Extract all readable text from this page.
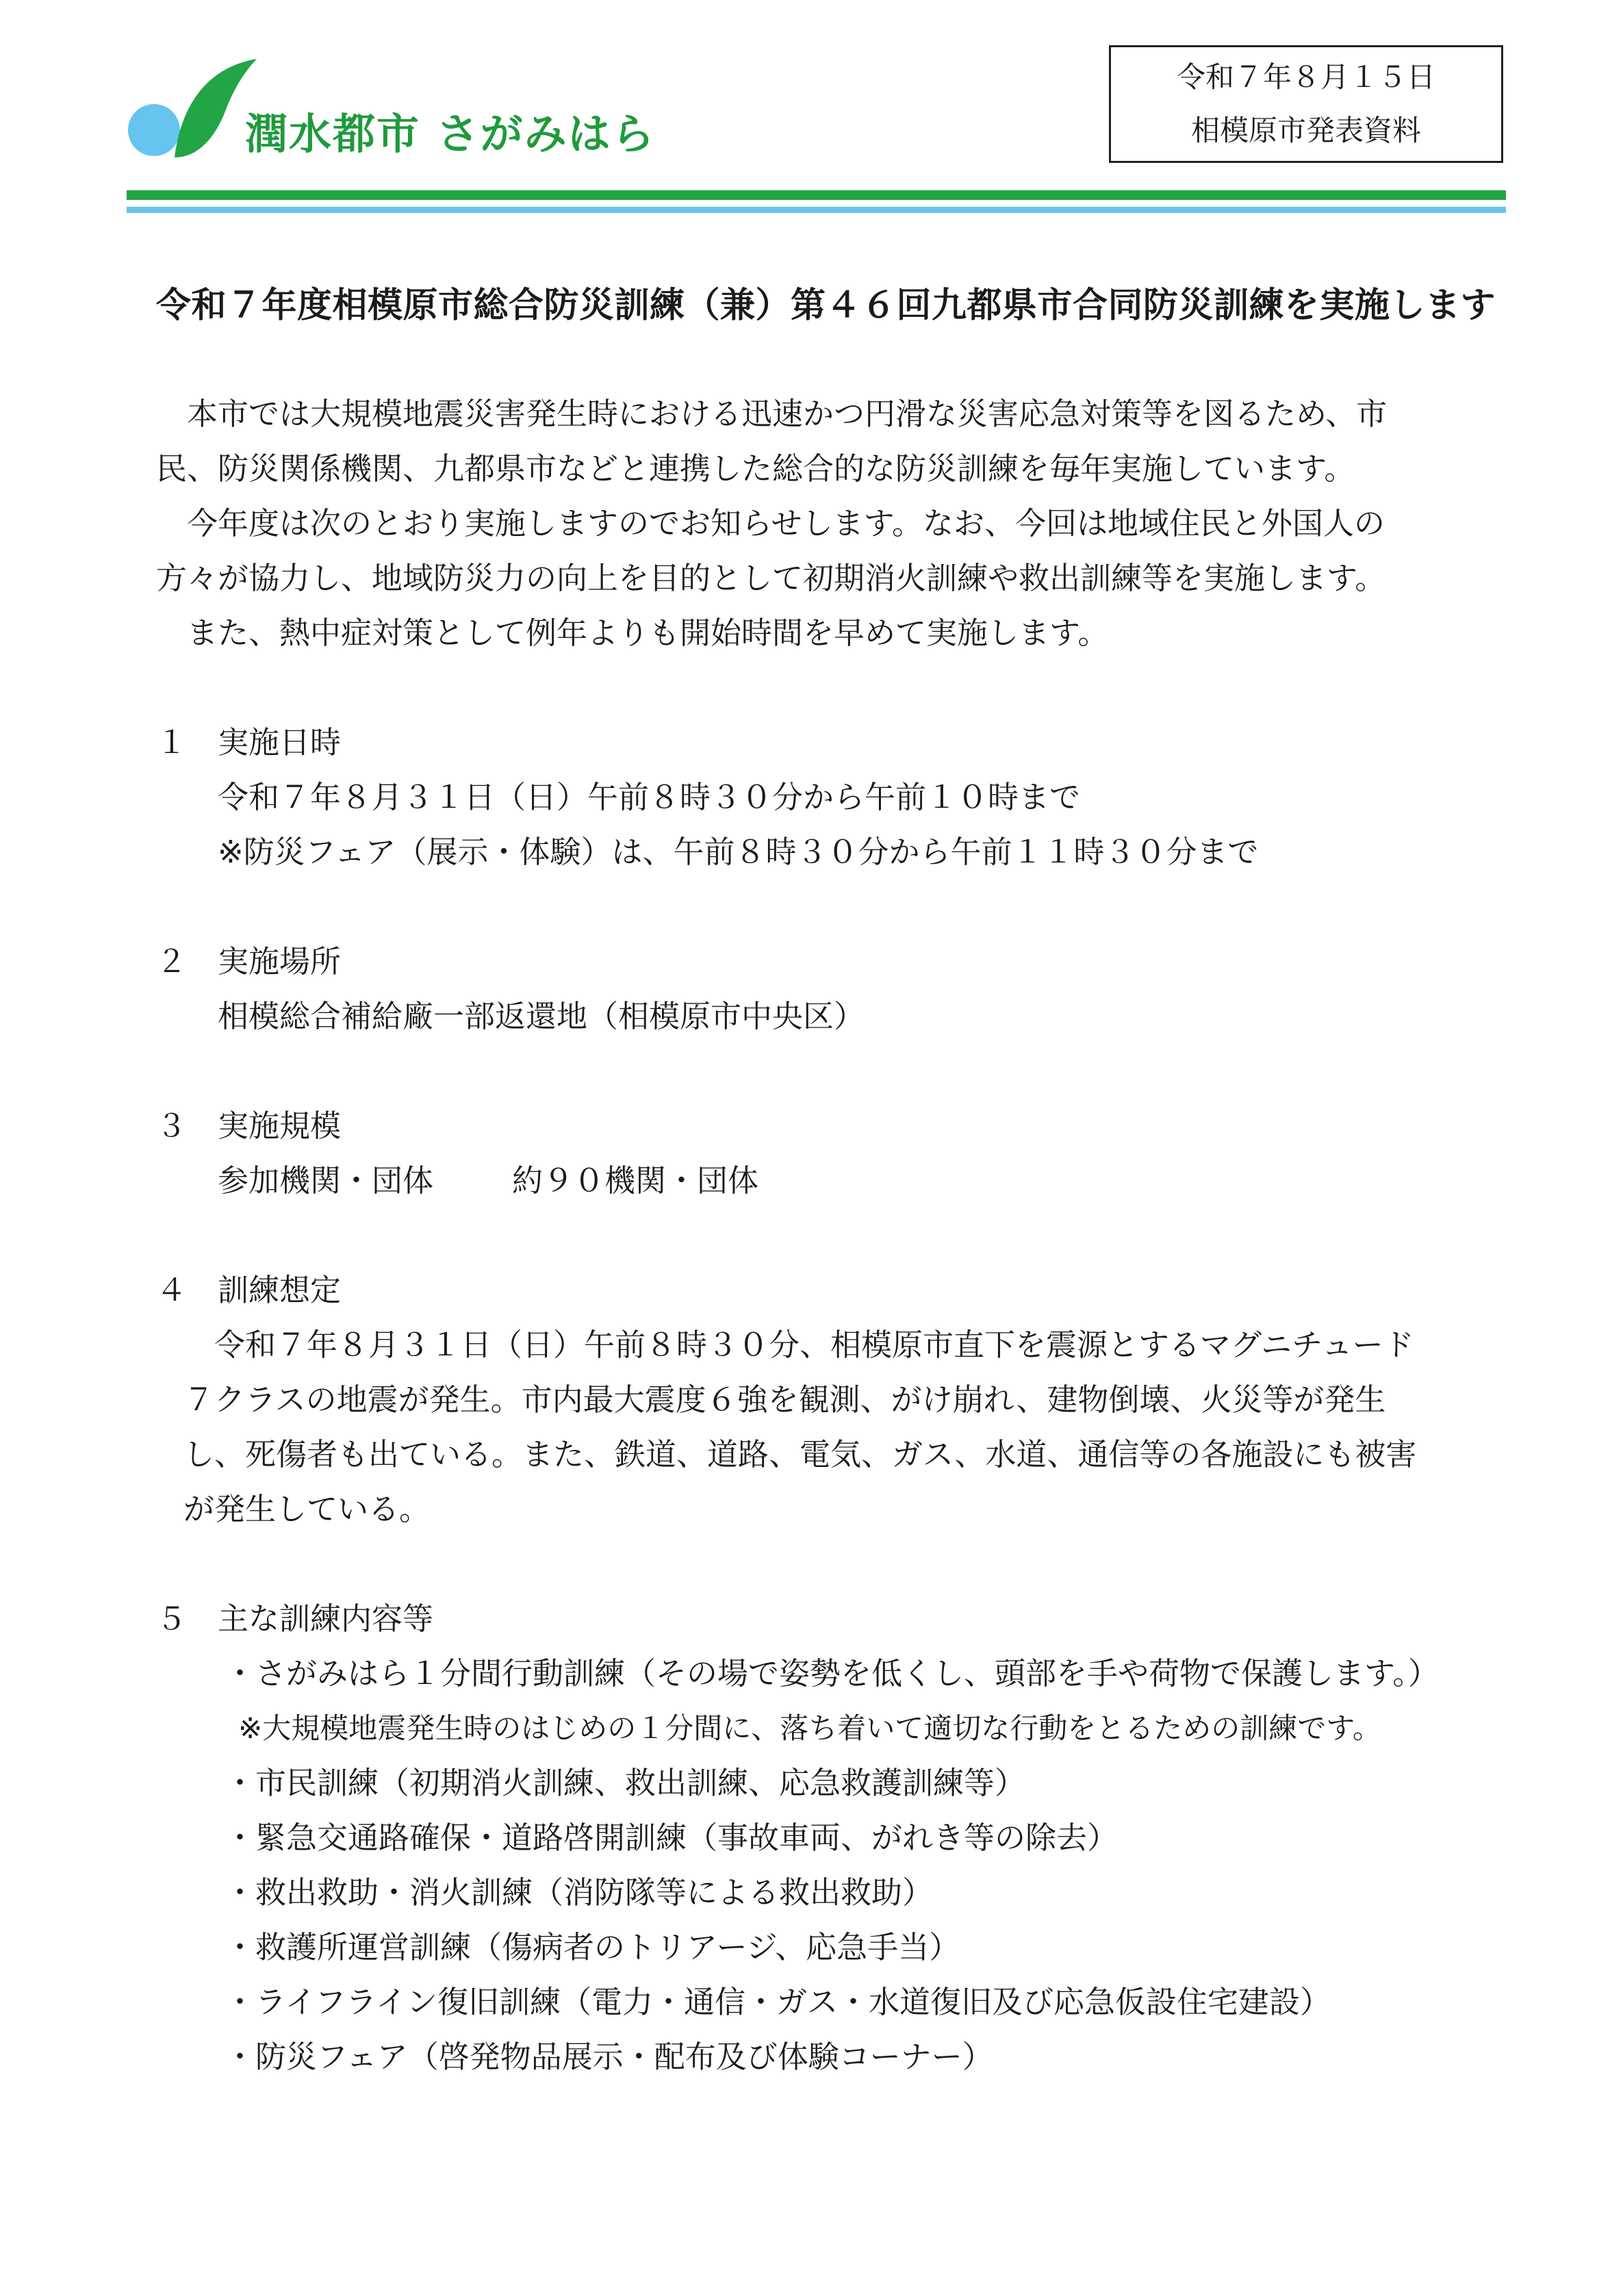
潤水都市 さがみはら
令和７年８月１５日
相模原市発表資料
令和７年度相模原市総合防災訓練（兼）第４６回九都県市合同防災訓練を実施します

本市では大規模地震災害発生時における迅速かつ円滑な災害応急対策等を図るため、市

民、防災関係機関、九都県市などと連携した総合的な防災訓練を毎年実施しています。

今年度は次のとおり実施しますのでお知らせします。なお、今回は地域住民と外国人の

方々が協力し、地域防災力の向上を目的として初期消火訓練や救出訓練等を実施します。

また、熱中症対策として例年よりも開始時間を早めて実施します。

１ 実施日時
令和７年８月３１日（日）午前８時３０分から午前１０時まで
※防災フェア（展示・体験）は、午前８時３０分から午前１１時３０分まで
２ 実施場所
相模総合補給廠一部返還地（相模原市中央区）
３ 実施規模
参加機関・団体	約９０機関・団体
４ 訓練想定
令和７年８月３１日（日）午前８時３０分、相模原市直下を震源とするマグニチュード
７クラスの地震が発生。市内最大震度６強を観測、がけ崩れ、建物倒壊、火災等が発生
し、死傷者も出ている。また、鉄道、道路、電気、ガス、水道、通信等の各施設にも被害
が発生している。
５ 主な訓練内容等
・さがみはら１分間行動訓練（その場で姿勢を低くし、頭部を手や荷物で保護します。）
※大規模地震発生時のはじめの１分間に、落ち着いて適切な行動をとるための訓練です。
・市民訓練（初期消火訓練、救出訓練、応急救護訓練等）
・緊急交通路確保・道路啓開訓練（事故車両、がれき等の除去）
・救出救助・消火訓練（消防隊等による救出救助）
・救護所運営訓練（傷病者のトリアージ、応急手当）
・ライフライン復旧訓練（電力・通信・ガス・水道復旧及び応急仮設住宅建設）
・防災フェア（啓発物品展示・配布及び体験コーナー）
